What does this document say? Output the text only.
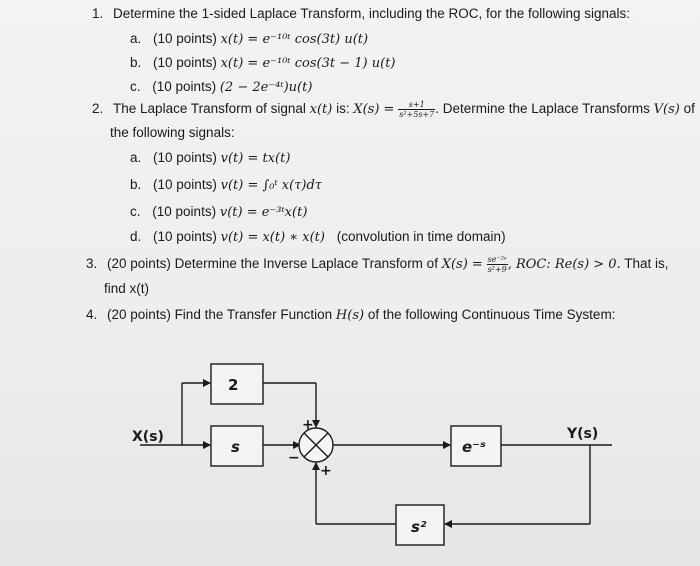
1. Determine the 1-sided Laplace Transform, including the ROC, for the following signals:
a. (10 points) x(t) = e⁻¹⁰ᵗ cos(3t) u(t)
b. (10 points) x(t) = e⁻¹⁰ᵗ cos(3t − 1) u(t)
c. (10 points) (2 − 2e⁻⁴ᵗ)u(t)
2. The Laplace Transform of signal x(t) is: $X(s) = \frac{s+1}{\text{s²+5s+7}}$ . Determine the Laplace Transforms V(s) of
the following signals:
a. (10 points) v(t) = tx(t)
b. (10 points) v(t) = ∫₀ᵗ x(τ)dτ
c. (10 points) v(t) = e⁻³ᵗx(t)
d. (10 points) v(t) = x(t) ∗ x(t) (convolution in time domain)
3. (20 points) Determine the Inverse Laplace Transform of $X(s) = \frac{\text{se⁻²ˢ}}{\text{s²+9}}$ , ROC: Re(s) > 0. That is,
find x(t)
4. (20 points) Find the Transfer Function H(s) of the following Continuous Time System:
2
s	e⁻ˢ
s²
X(s)	Y(s)
+
−
+
